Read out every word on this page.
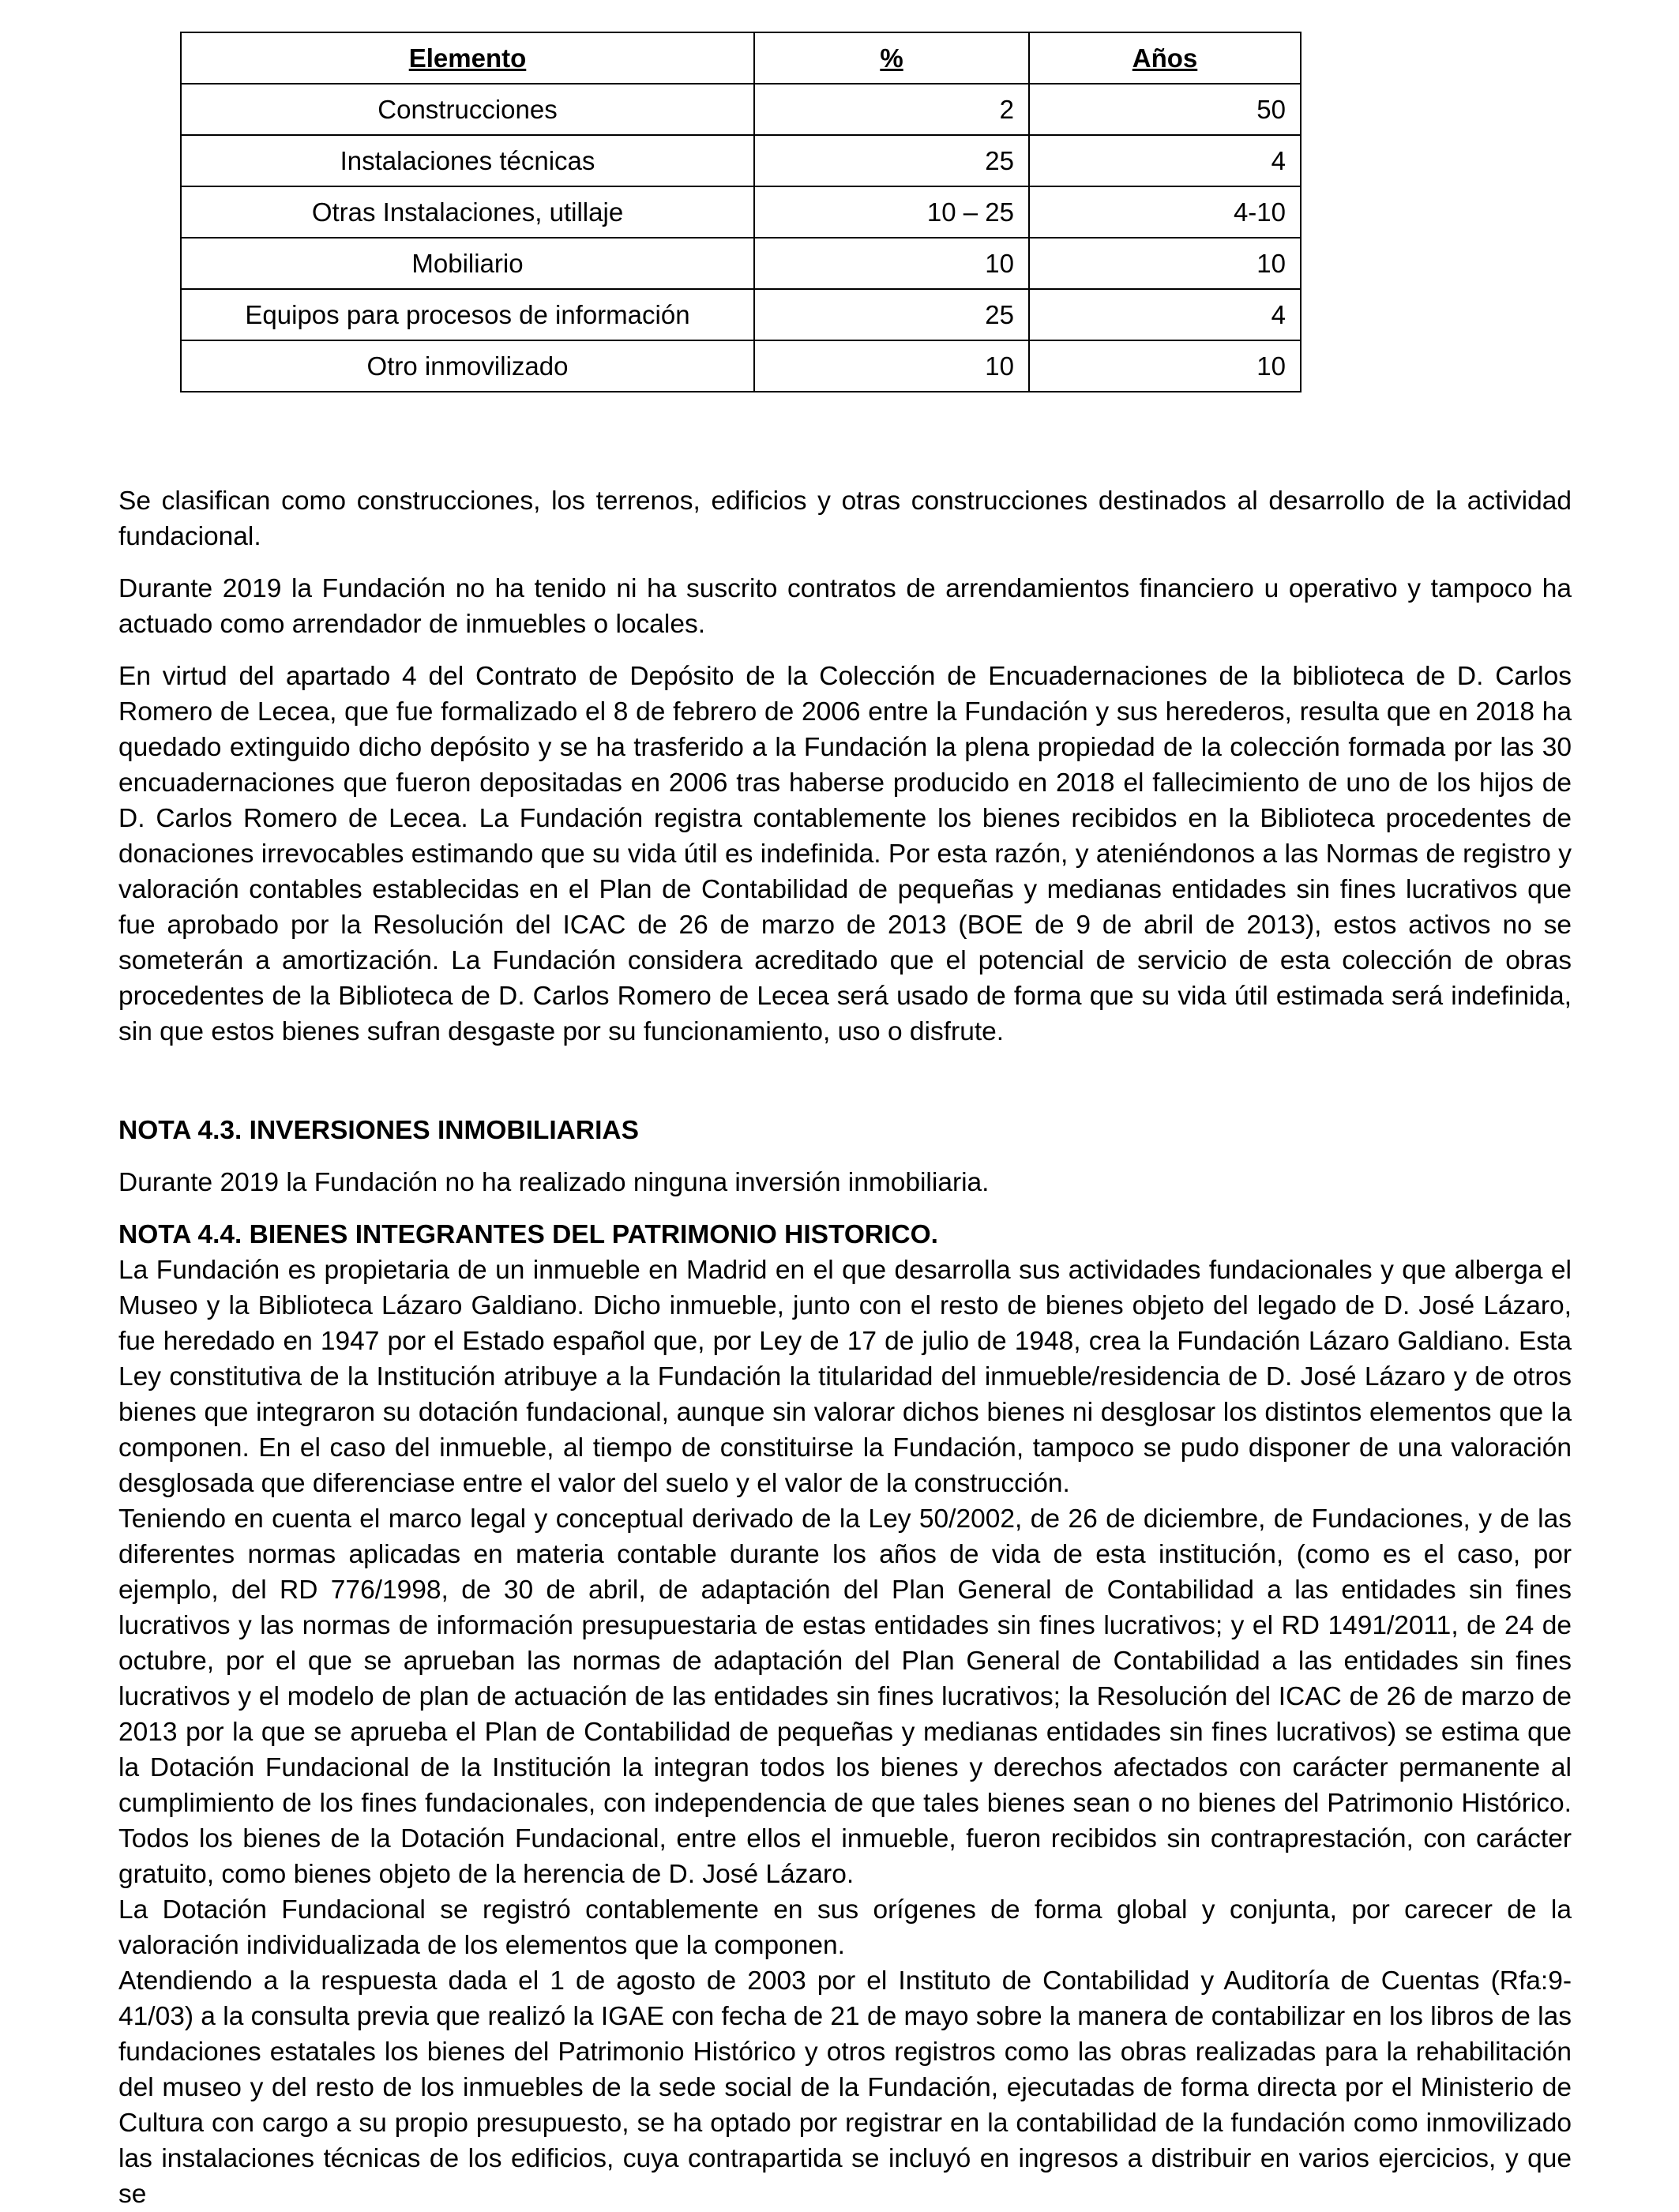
Elemento	%	Años
Construcciones	2	50
Instalaciones técnicas	25	4
Otras Instalaciones, utillaje	10 – 25	4-10
Mobiliario	10	10
Equipos para procesos de información	25	4
Otro inmovilizado	10	10

Se clasifican como construcciones, los terrenos, edificios y otras construcciones destinados al desarrollo de la actividad fundacional.

Durante 2019 la Fundación no ha tenido ni ha suscrito contratos de arrendamientos financiero u operativo y tampoco ha actuado como arrendador de inmuebles o locales.

En virtud del apartado 4 del Contrato de Depósito de la Colección de Encuadernaciones de la biblioteca de D. Carlos Romero de Lecea, que fue formalizado el 8 de febrero de 2006 entre la Fundación y sus herederos, resulta que en 2018 ha quedado extinguido dicho depósito y se ha trasferido a la Fundación la plena propiedad de la colección formada por las 30 encuadernaciones que fueron depositadas en 2006 tras haberse producido en 2018 el fallecimiento de uno de los hijos de D. Carlos Romero de Lecea. La Fundación registra contablemente los bienes recibidos en la Biblioteca procedentes de donaciones irrevocables estimando que su vida útil es indefinida. Por esta razón, y ateniéndonos a las Normas de registro y valoración contables establecidas en el Plan de Contabilidad de pequeñas y medianas entidades sin fines lucrativos que fue aprobado por la Resolución del ICAC de 26 de marzo de 2013 (BOE de 9 de abril de 2013), estos activos no se someterán a amortización. La Fundación considera acreditado que el potencial de servicio de esta colección de obras procedentes de la Biblioteca de D. Carlos Romero de Lecea será usado de forma que su vida útil estimada será indefinida, sin que estos bienes sufran desgaste por su funcionamiento, uso o disfrute.

NOTA 4.3. INVERSIONES INMOBILIARIAS

Durante 2019 la Fundación no ha realizado ninguna inversión inmobiliaria.

NOTA 4.4. BIENES INTEGRANTES DEL PATRIMONIO HISTORICO.

La Fundación es propietaria de un inmueble en Madrid en el que desarrolla sus actividades fundacionales y que alberga el Museo y la Biblioteca Lázaro Galdiano. Dicho inmueble, junto con el resto de bienes objeto del legado de D. José Lázaro, fue heredado en 1947 por el Estado español que, por Ley de 17 de julio de 1948, crea la Fundación Lázaro Galdiano. Esta Ley constitutiva de la Institución atribuye a la Fundación la titularidad del inmueble/residencia de D. José Lázaro y de otros bienes que integraron su dotación fundacional, aunque sin valorar dichos bienes ni desglosar los distintos elementos que la componen. En el caso del inmueble, al tiempo de constituirse la Fundación, tampoco se pudo disponer de una valoración desglosada que diferenciase entre el valor del suelo y el valor de la construcción.

Teniendo en cuenta el marco legal y conceptual derivado de la Ley 50/2002, de 26 de diciembre, de Fundaciones, y de las diferentes normas aplicadas en materia contable durante los años de vida de esta institución, (como es el caso, por ejemplo, del RD 776/1998, de 30 de abril, de adaptación del Plan General de Contabilidad a las entidades sin fines lucrativos y las normas de información presupuestaria de estas entidades sin fines lucrativos; y el RD 1491/2011, de 24 de octubre, por el que se aprueban las normas de adaptación del Plan General de Contabilidad a las entidades sin fines lucrativos y el modelo de plan de actuación de las entidades sin fines lucrativos; la Resolución del ICAC de 26 de marzo de 2013 por la que se aprueba el Plan de Contabilidad de pequeñas y medianas entidades sin fines lucrativos) se estima que la Dotación Fundacional de la Institución la integran todos los bienes y derechos afectados con carácter permanente al cumplimiento de los fines fundacionales, con independencia de que tales bienes sean o no bienes del Patrimonio Histórico. Todos los bienes de la Dotación Fundacional, entre ellos el inmueble, fueron recibidos sin contraprestación, con carácter gratuito, como bienes objeto de la herencia de D. José Lázaro.

La Dotación Fundacional se registró contablemente en sus orígenes de forma global y conjunta, por carecer de la valoración individualizada de los elementos que la componen.

Atendiendo a la respuesta dada el 1 de agosto de 2003 por el Instituto de Contabilidad y Auditoría de Cuentas (Rfa:9-41/03) a la consulta previa que realizó la IGAE con fecha de 21 de mayo sobre la manera de contabilizar en los libros de las fundaciones estatales los bienes del Patrimonio Histórico y otros registros como las obras realizadas para la rehabilitación del museo y del resto de los inmuebles de la sede social de la Fundación, ejecutadas de forma directa por el Ministerio de Cultura con cargo a su propio presupuesto, se ha optado por registrar en la contabilidad de la fundación como inmovilizado las instalaciones técnicas de los edificios, cuya contrapartida se incluyó en ingresos a distribuir en varios ejercicios, y que se
